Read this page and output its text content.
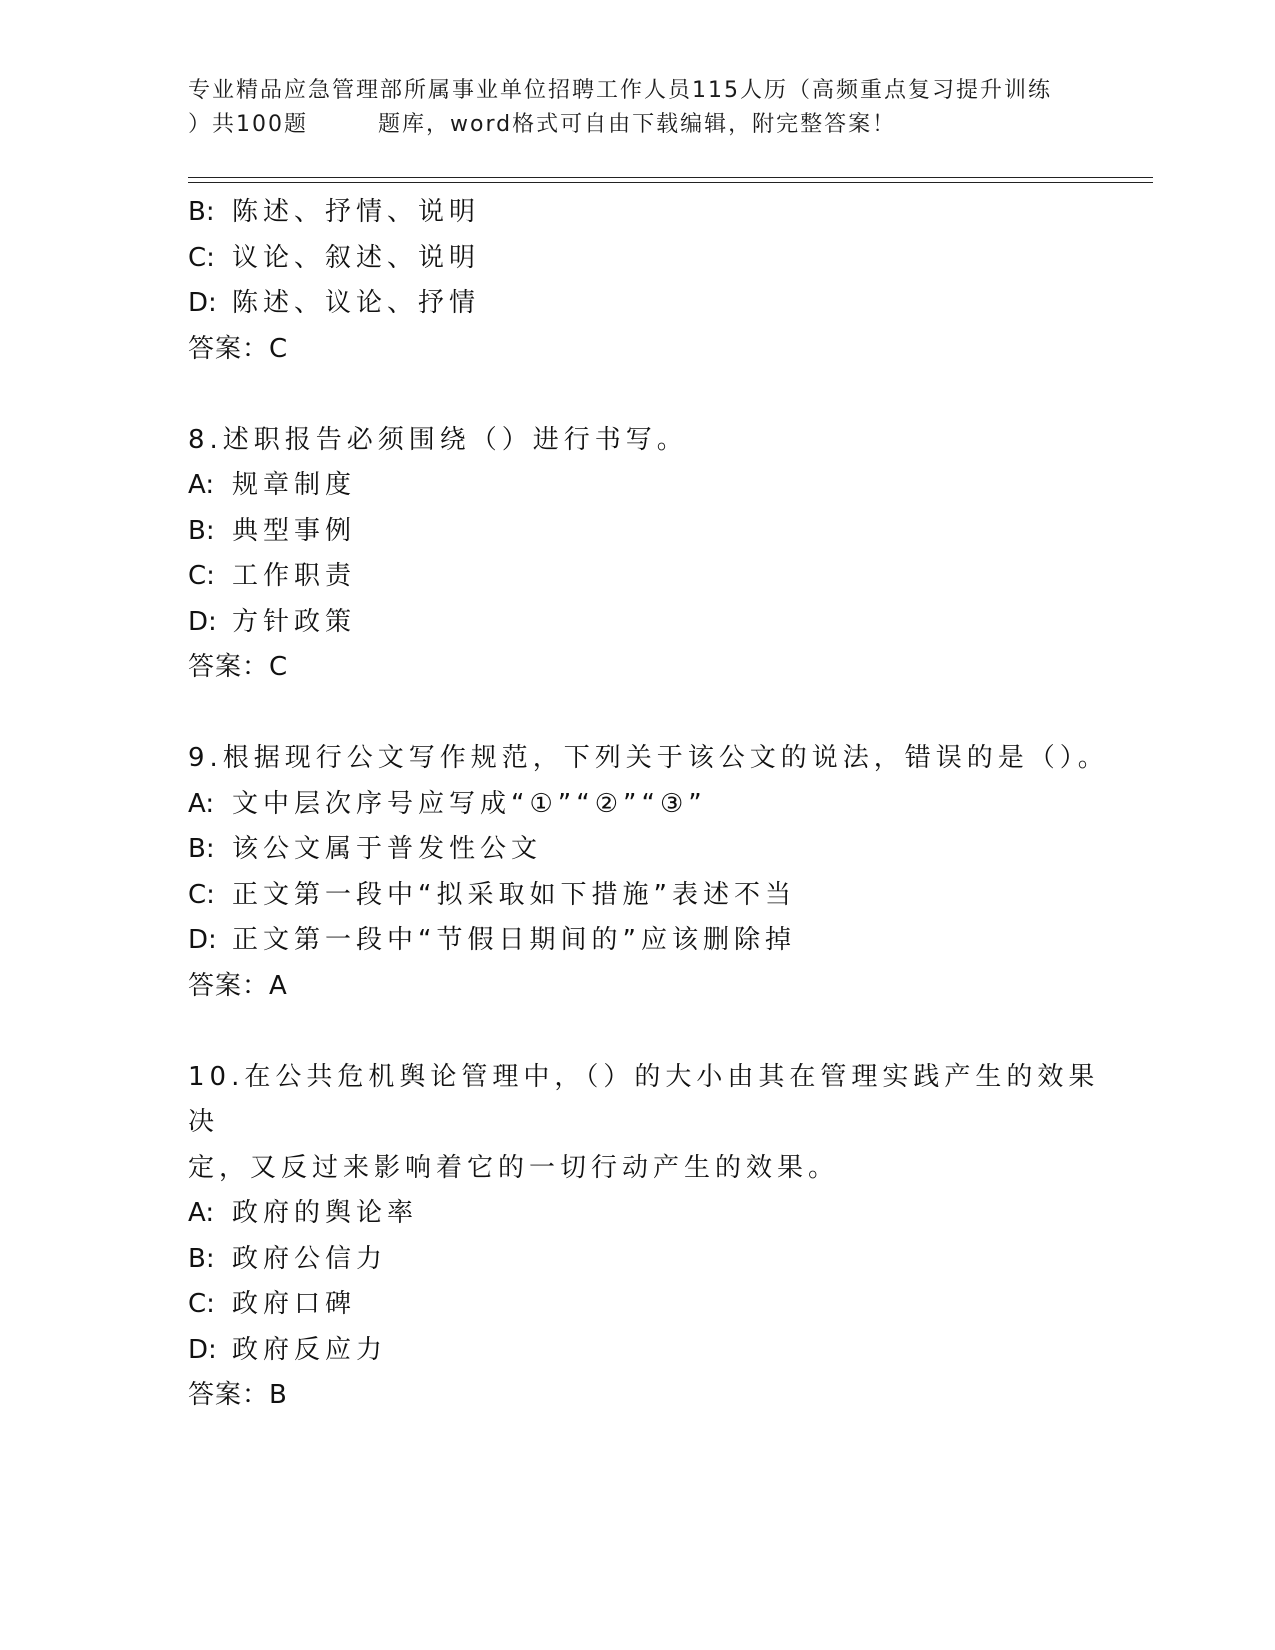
专业精品应急管理部所属事业单位招聘工作人员115人历（高频重点复习提升训练
）共100题	题库，word格式可自由下载编辑，附完整答案！
B: 陈述、抒情、说明
C: 议论、叙述、说明
D: 陈述、议论、抒情
答案：C
8.述职报告必须围绕（）进行书写。
A: 规章制度
B: 典型事例
C: 工作职责
D: 方针政策
答案：C
9.根据现行公文写作规范，下列关于该公文的说法，错误的是（）。
A: 文中层次序号应写成“①”“②”“③”
B: 该公文属于普发性公文
C: 正文第一段中“拟采取如下措施”表述不当
D: 正文第一段中“节假日期间的”应该删除掉
答案：A
10.在公共危机舆论管理中，（）的大小由其在管理实践产生的效果决
定，又反过来影响着它的一切行动产生的效果。
A: 政府的舆论率
B: 政府公信力
C: 政府口碑
D: 政府反应力
答案：B
